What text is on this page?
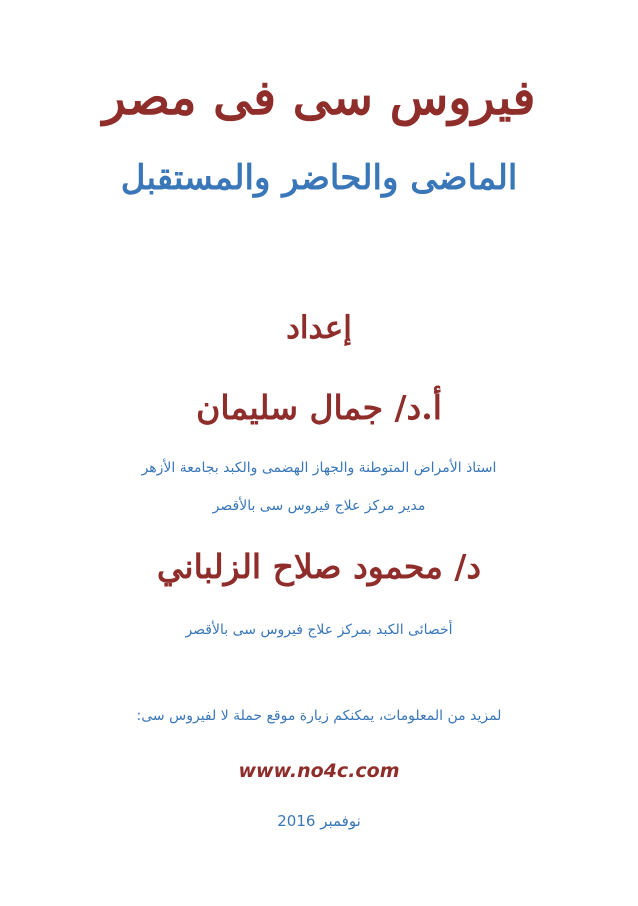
فيروس سى فى مصر
الماضى والحاضر والمستقبل
إعداد
أ.د/ جمال سليمان
استاذ الأمراض المتوطنة والجهاز الهضمى والكبد بجامعة الأزهر
مدير مركز علاج فيروس سى بالأقصر
د/ محمود صلاح الزلباني
أخصائى الكبد بمركز علاج فيروس سى بالأقصر
لمزيد من المعلومات، يمكنكم زيارة موقع حملة لا لفيروس سى:
www.no4c.com
نوفمبر 2016
